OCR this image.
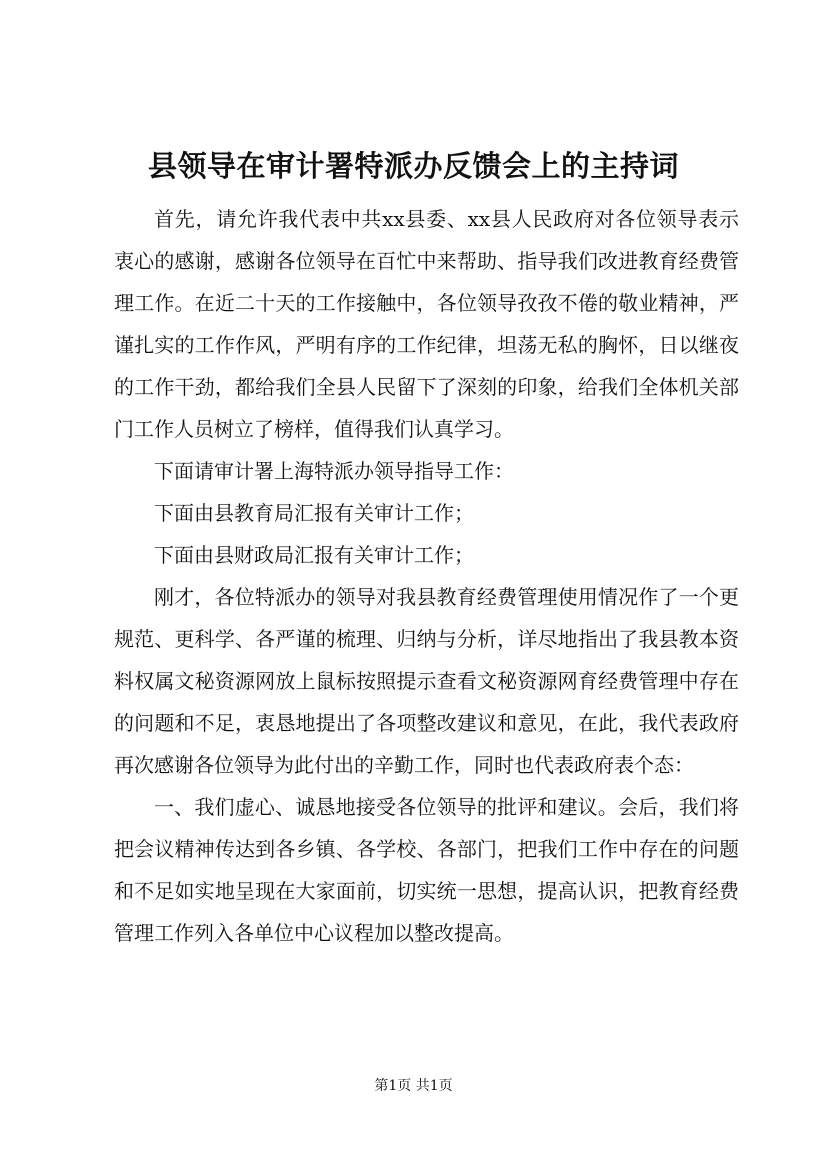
县领导在审计署特派办反馈会上的主持词

首先，请允许我代表中共xx县委、xx县人民政府对各位领导表示衷心的感谢，感谢各位领导在百忙中来帮助、指导我们改进教育经费管理工作。在近二十天的工作接触中，各位领导孜孜不倦的敬业精神，严谨扎实的工作作风，严明有序的工作纪律，坦荡无私的胸怀，日以继夜的工作干劲，都给我们全县人民留下了深刻的印象，给我们全体机关部门工作人员树立了榜样，值得我们认真学习。

下面请审计署上海特派办领导指导工作：

下面由县教育局汇报有关审计工作；

下面由县财政局汇报有关审计工作；

刚才，各位特派办的领导对我县教育经费管理使用情况作了一个更规范、更科学、各严谨的梳理、归纳与分析，详尽地指出了我县教本资料权属文秘资源网放上鼠标按照提示查看文秘资源网育经费管理中存在的问题和不足，衷恳地提出了各项整改建议和意见，在此，我代表政府再次感谢各位领导为此付出的辛勤工作，同时也代表政府表个态：

一、我们虚心、诚恳地接受各位领导的批评和建议。会后，我们将把会议精神传达到各乡镇、各学校、各部门，把我们工作中存在的问题和不足如实地呈现在大家面前，切实统一思想，提高认识，把教育经费管理工作列入各单位中心议程加以整改提高。

第1页 共1页
